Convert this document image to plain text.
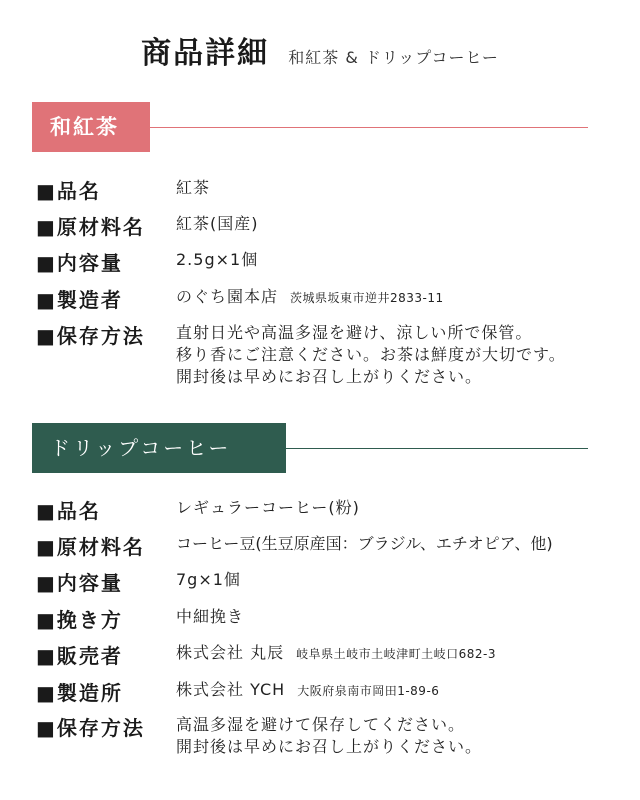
商品詳細 和紅茶 & ドリップコーヒー
和紅茶
■品名	紅茶
■原材料名 紅茶(国産)
■内容量	2.5g×1個
■製造者	のぐち園本店 茨城県坂東市逆井2833-11
■保存方法 直射日光や高温多湿を避け、涼しい所で保管。
移り香にご注意ください。お茶は鮮度が大切です。
開封後は早めにお召し上がりください。
ドリップコーヒー
■品名	レギュラーコーヒー(粉)
■原材料名 コーヒー豆(生豆原産国：ブラジル、エチオピア、他)
■内容量	7g×1個
■挽き方	中細挽き
■販売者	株式会社 丸辰 岐阜県土岐市土岐津町土岐口682-3
■製造所	株式会社 YCH 大阪府泉南市岡田1-89-6
■保存方法 高温多湿を避けて保存してください。
開封後は早めにお召し上がりください。
